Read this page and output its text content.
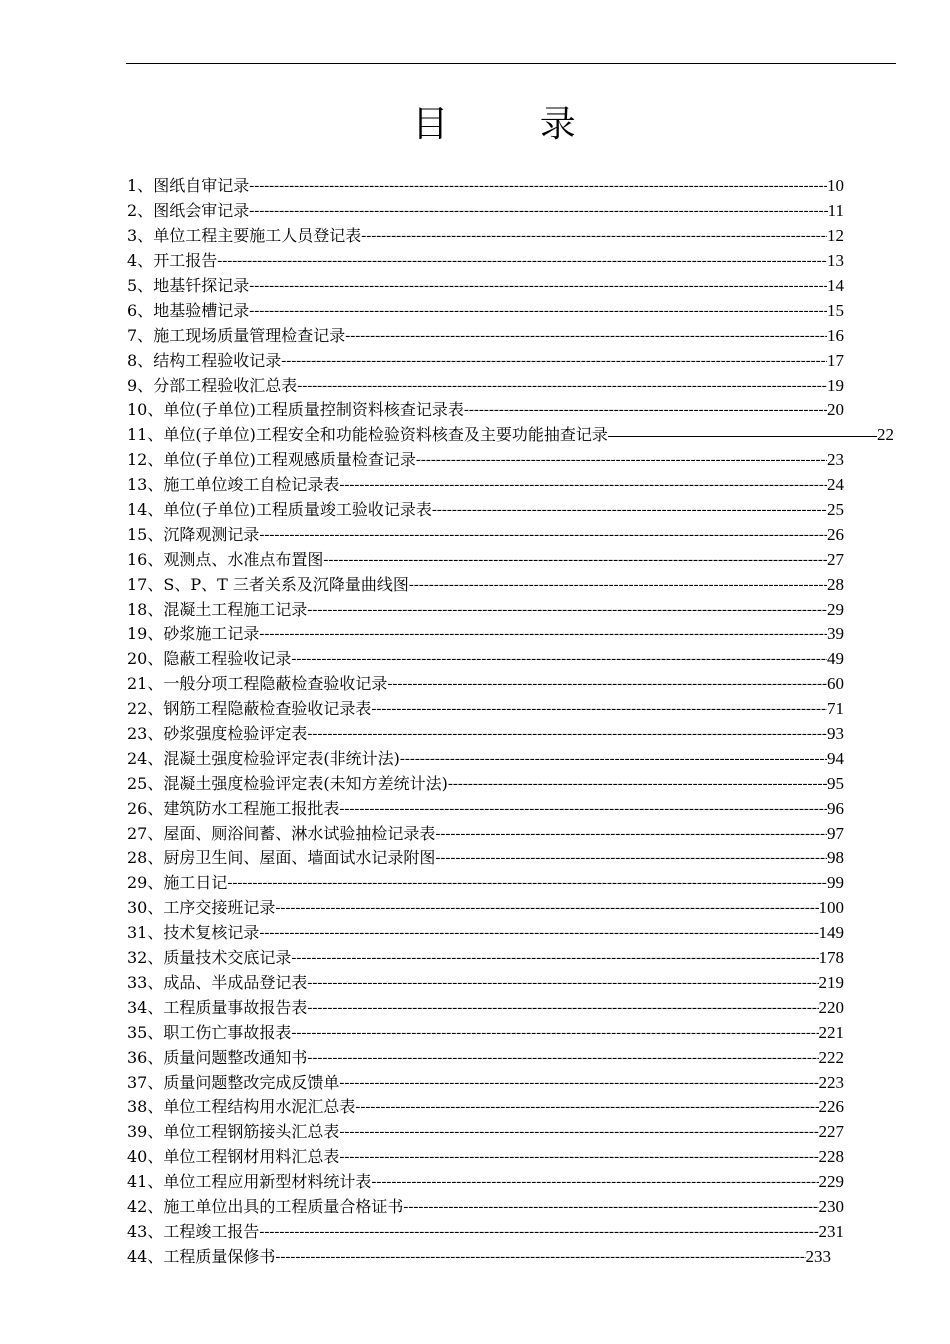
目 录
1、 图纸自审记录 -----	10
2、 图纸会审记录 -----	11
3、 单位工程主要施工人员登记表 -----	12
4、 开工报告 -----	13
5、 地基钎探记录 -----	14
6、 地基验槽记录 -----	15
7、 施工现场质量管理检查记录 -----	16
8、 结构工程验收记录 -----	17
9、 分部工程验收汇总表 -----	19
10、 单位(子单位)工程质量控制资料核查记录表 -----	20
11、 单位(子单位)工程安全和功能检验资料核查及主要功能抽查记录	22
12、 单位(子单位)工程观感质量检查记录 -----	23
13、 施工单位竣工自检记录表 -----	24
14、 单位(子单位)工程质量竣工验收记录表 -----	25
15、 沉降观测记录 -----	26
16、 观测点、水准点布置图 -----	27
17、 S、P、T 三者关系及沉降量曲线图 -----	28
18、 混凝土工程施工记录 -----	29
19、 砂浆施工记录 -----	39
20、 隐蔽工程验收记录 -----	49
21、 一般分项工程隐蔽检查验收记录 -----	60
22、 钢筋工程隐蔽检查验收记录表 -----	71
23、 砂浆强度检验评定表 -----	93
24、 混凝土强度检验评定表(非统计法) -----	94
25、 混凝土强度检验评定表(未知方差统计法) -----	95
26、 建筑防水工程施工报批表 -----	96
27、 屋面、厕浴间蓄、淋水试验抽检记录表 -----	97
28、 厨房卫生间、屋面、墙面试水记录附图 -----	98
29、 施工日记 -----	99
30、 工序交接班记录 -----	100
31、 技术复核记录 -----	149
32、 质量技术交底记录 -----	178
33、 成品、半成品登记表 -----	219
34、 工程质量事故报告表 -----	220
35、 职工伤亡事故报表 -----	221
36、 质量问题整改通知书 -----	222
37、 质量问题整改完成反馈单 -----	223
38、 单位工程结构用水泥汇总表 -----	226
39、 单位工程钢筋接头汇总表 -----	227
40、 单位工程钢材用料汇总表 -----	228
41、 单位工程应用新型材料统计表 -----	229
42、 施工单位出具的工程质量合格证书 -----	230
43、 工程竣工报告 -----	231
44、 工程质量保修书 -----	233
